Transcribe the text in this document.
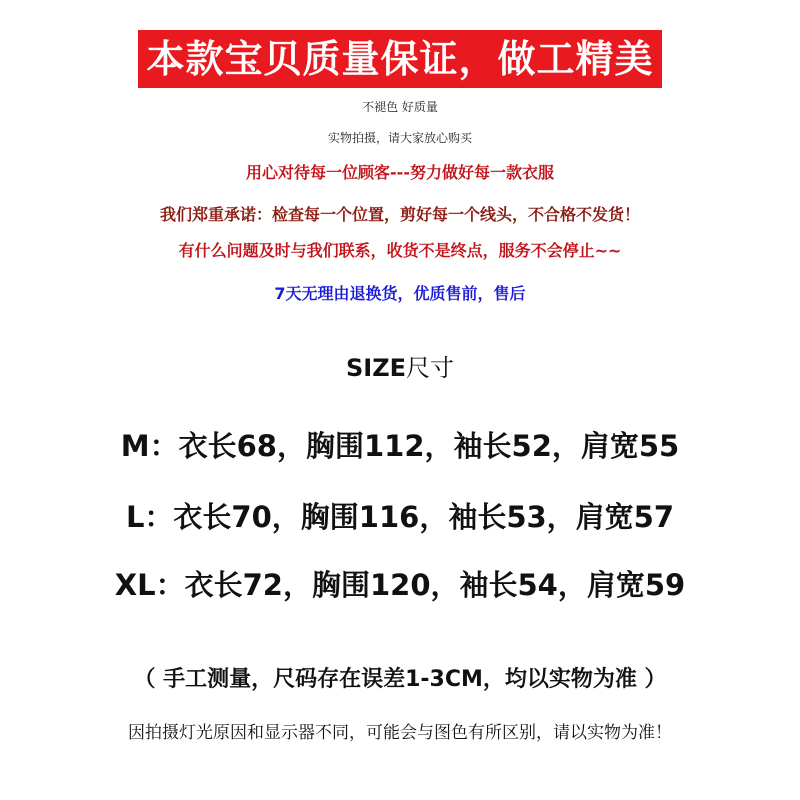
本款宝贝质量保证，做工精美
不褪色 好质量
实物拍摄，请大家放心购买
用心对待每一位顾客---努力做好每一款衣服
我们郑重承诺：检查每一个位置，剪好每一个线头，不合格不发货！
有什么问题及时与我们联系，收货不是终点，服务不会停止~~
7天无理由退换货，优质售前，售后
SIZE尺寸
M：衣长68，胸围112，袖长52，肩宽55
L：衣长70，胸围116，袖长53，肩宽57
XL：衣长72，胸围120，袖长54，肩宽59
（ 手工测量，尺码存在误差1-3CM，均以实物为准 ）
因拍摄灯光原因和显示器不同，可能会与图色有所区别，请以实物为准！
